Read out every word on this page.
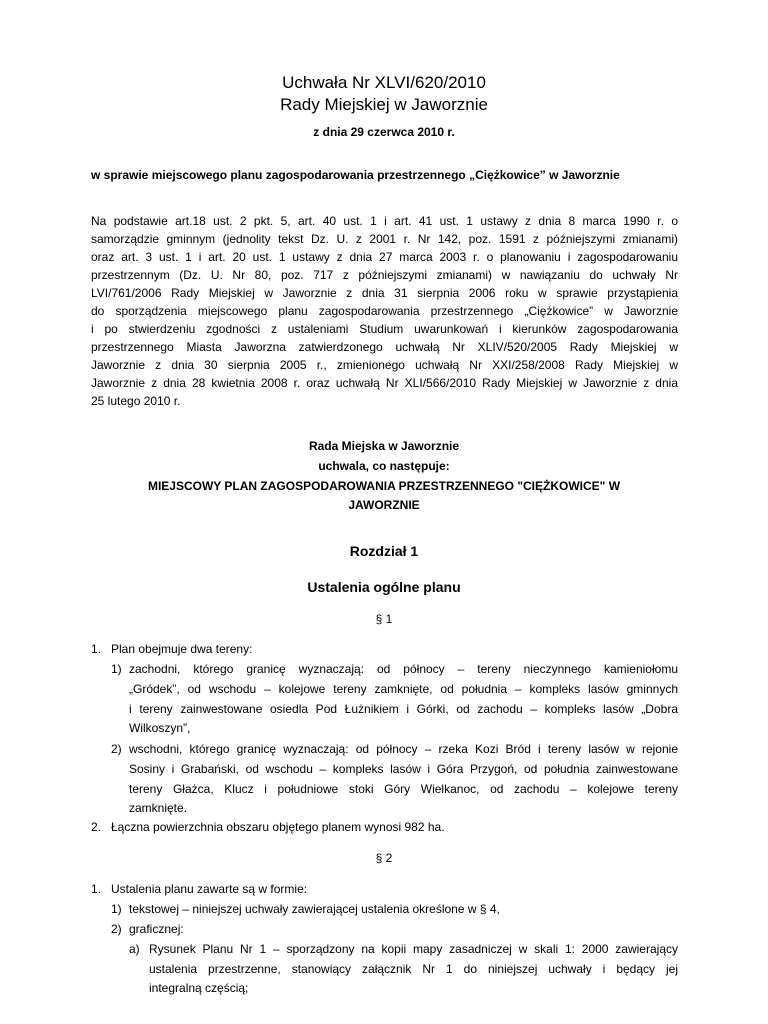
Uchwała Nr XLVI/620/2010
Rady Miejskiej w Jaworznie
z dnia 29 czerwca 2010 r.
w sprawie miejscowego planu zagospodarowania przestrzennego „Ciężkowice” w Jaworznie
Na podstawie art.18 ust. 2 pkt. 5, art. 40 ust. 1 i art. 41 ust. 1 ustawy z dnia 8 marca 1990 r. o
samorządzie gminnym (jednolity tekst Dz. U. z 2001 r. Nr 142, poz. 1591 z późniejszymi zmianami)
oraz art. 3 ust. 1 i art. 20 ust. 1 ustawy z dnia 27 marca 2003 r. o planowaniu i zagospodarowaniu
przestrzennym (Dz. U. Nr 80, poz. 717 z późniejszymi zmianami) w nawiązaniu do uchwały Nr
LVI/761/2006 Rady Miejskiej w Jaworznie z dnia 31 sierpnia 2006 roku w sprawie przystąpienia
do sporządzenia miejscowego planu zagospodarowania przestrzennego „Ciężkowice” w Jaworznie
i po stwierdzeniu zgodności z ustaleniami Studium uwarunkowań i kierunków zagospodarowania
przestrzennego Miasta Jaworzna zatwierdzonego uchwałą Nr XLIV/520/2005 Rady Miejskiej w
Jaworznie z dnia 30 sierpnia 2005 r., zmienionego uchwałą Nr XXI/258/2008 Rady Miejskiej w
Jaworznie z dnia 28 kwietnia 2008 r. oraz uchwałą Nr XLI/566/2010 Rady Miejskiej w Jaworznie z dnia
25 lutego 2010 r.
Rada Miejska w Jaworznie
uchwala, co następuje:
MIEJSCOWY PLAN ZAGOSPODAROWANIA PRZESTRZENNEGO "CIĘŻKOWICE" W
JAWORZNIE
Rozdział 1
Ustalenia ogólne planu
§ 1
1. Plan obejmuje dwa tereny:
1) zachodni, którego granicę wyznaczają: od północy – tereny nieczynnego kamieniołomu
„Gródek”, od wschodu – kolejowe tereny zamknięte, od południa – kompleks lasów gminnych
i tereny zainwestowane osiedla Pod Łużnikiem i Górki, od zachodu – kompleks lasów „Dobra
Wilkoszyn”,
2) wschodni, którego granicę wyznaczają: od północy – rzeka Kozi Bród i tereny lasów w rejonie
Sosiny i Grabański, od wschodu – kompleks lasów i Góra Przygoń, od południa zainwestowane
tereny Głażca, Klucz i południowe stoki Góry Wielkanoc, od zachodu – kolejowe tereny
zamknięte.
2. Łączna powierzchnia obszaru objętego planem wynosi 982 ha.
§ 2
1. Ustalenia planu zawarte są w formie:
1) tekstowej – niniejszej uchwały zawierającej ustalenia określone w § 4,
2) graficznej:
a) Rysunek Planu Nr 1 – sporządzony na kopii mapy zasadniczej w skali 1: 2000 zawierający
ustalenia przestrzenne, stanowiący załącznik Nr 1 do niniejszej uchwały i będący jej
integralną częścią;
